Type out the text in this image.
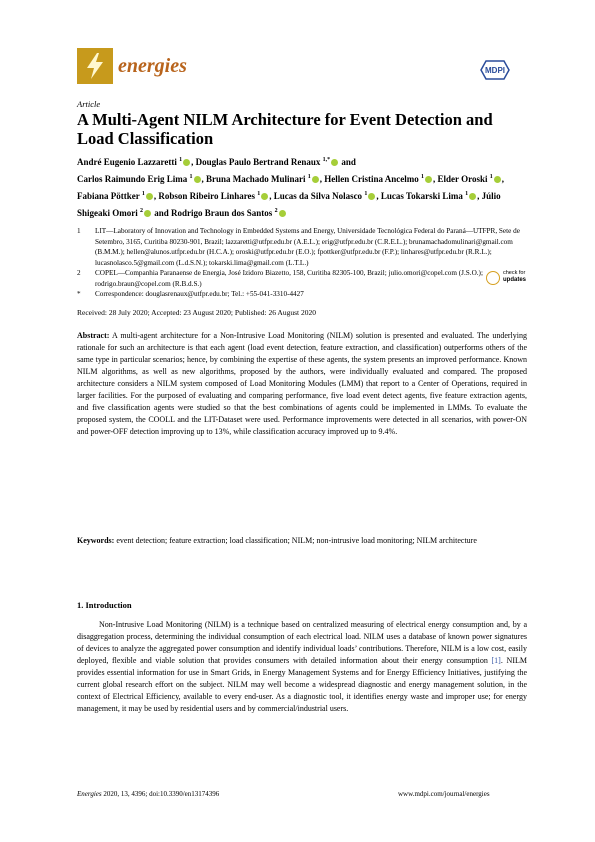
energies	MDPI
Article
A Multi-Agent NILM Architecture for Event Detection and Load Classification
André Eugenio Lazzaretti $^1$ , Douglas Paulo Bertrand Renaux $^{1,*}$ and
Carlos Raimundo Erig Lima $^1$ , Bruna Machado Mulinari $^1$ , Hellen Cristina Ancelmo $^1$ , Elder Oroski $^1$ , Fabiana Pöttker $^1$ , Robson Ribeiro Linhares $^1$ , Lucas da Silva Nolasco $^1$ , Lucas Tokarski Lima $^1$ , Júlio Shigeaki Omori $^2$ and Rodrigo Braun dos Santos $^2$
1	LIT—Laboratory of Innovation and Technology in Embedded Systems and Energy, Universidade Tecnológica Federal do Paraná—UTFPR, Sete de Setembro, 3165, Curitiba 80230-901, Brazil; lazzaretti@utfpr.edu.br (A.E.L.); erig@utfpr.edu.br (C.R.E.L.); brunamachadomulinari@gmail.com (B.M.M.); hellen@alunos.utfpr.edu.br (H.C.A.); oroski@utfpr.edu.br (E.O.); fpottker@utfpr.edu.br (F.P.); linhares@utfpr.edu.br (R.R.L.); lucasnolasco.5@gmail.com (L.d.S.N.); tokarski.lima@gmail.com (L.T.L.)
2	COPEL—Companhia Paranaense de Energia, José Izidoro Biazetto, 158, Curitiba 82305-100, Brazil; julio.omori@copel.com (J.S.O.); rodrigo.braun@copel.com (R.B.d.S.)
*	Correspondence: douglasrenaux@utfpr.edu.br; Tel.: +55-041-3310-4427
check for
updates
Received: 28 July 2020; Accepted: 23 August 2020; Published: 26 August 2020
Abstract: A multi-agent architecture for a Non-Intrusive Load Monitoring (NILM) solution is presented and evaluated. The underlying rationale for such an architecture is that each agent (load event detection, feature extraction, and classification) outperforms others of the same type in particular scenarios; hence, by combining the expertise of these agents, the system presents an improved performance. Known NILM algorithms, as well as new algorithms, proposed by the authors, were individually evaluated and compared. The proposed architecture considers a NILM system composed of Load Monitoring Modules (LMM) that report to a Center of Operations, required in larger facilities. For the purposed of evaluating and comparing performance, five load event detect agents, five feature extraction agents, and five classification agents were studied so that the best combinations of agents could be implemented in LMMs. To evaluate the proposed system, the COOLL and the LIT-Dataset were used. Performance improvements were detected in all scenarios, with power-ON and power-OFF detection improving up to 13%, while classification accuracy improved up to 9.4%.
Keywords: event detection; feature extraction; load classification; NILM; non-intrusive load monitoring; NILM architecture
1. Introduction
Non-Intrusive Load Monitoring (NILM) is a technique based on centralized measuring of electrical energy consumption and, by a disaggregation process, determining the individual consumption of each electrical load. NILM uses a database of known power signatures of devices to analyze the aggregated power consumption and identify individual loads’ contributions. Therefore, NILM is a low cost, easily deployed, flexible and viable solution that provides consumers with detailed information about their energy consumption [1]. NILM provides essential information for use in Smart Grids, in Energy Management Systems and for Energy Efficiency Initiatives, justifying the current global research effort on the subject. NILM may well become a widespread diagnostic and energy management solution, in the context of Electrical Efficiency, available to every end-user. As a diagnostic tool, it identifies energy waste and improper use; for energy management, it may be used by residential users and by commercial/industrial users.
Energies 2020, 13, 4396; doi:10.3390/en13174396	www.mdpi.com/journal/energies
